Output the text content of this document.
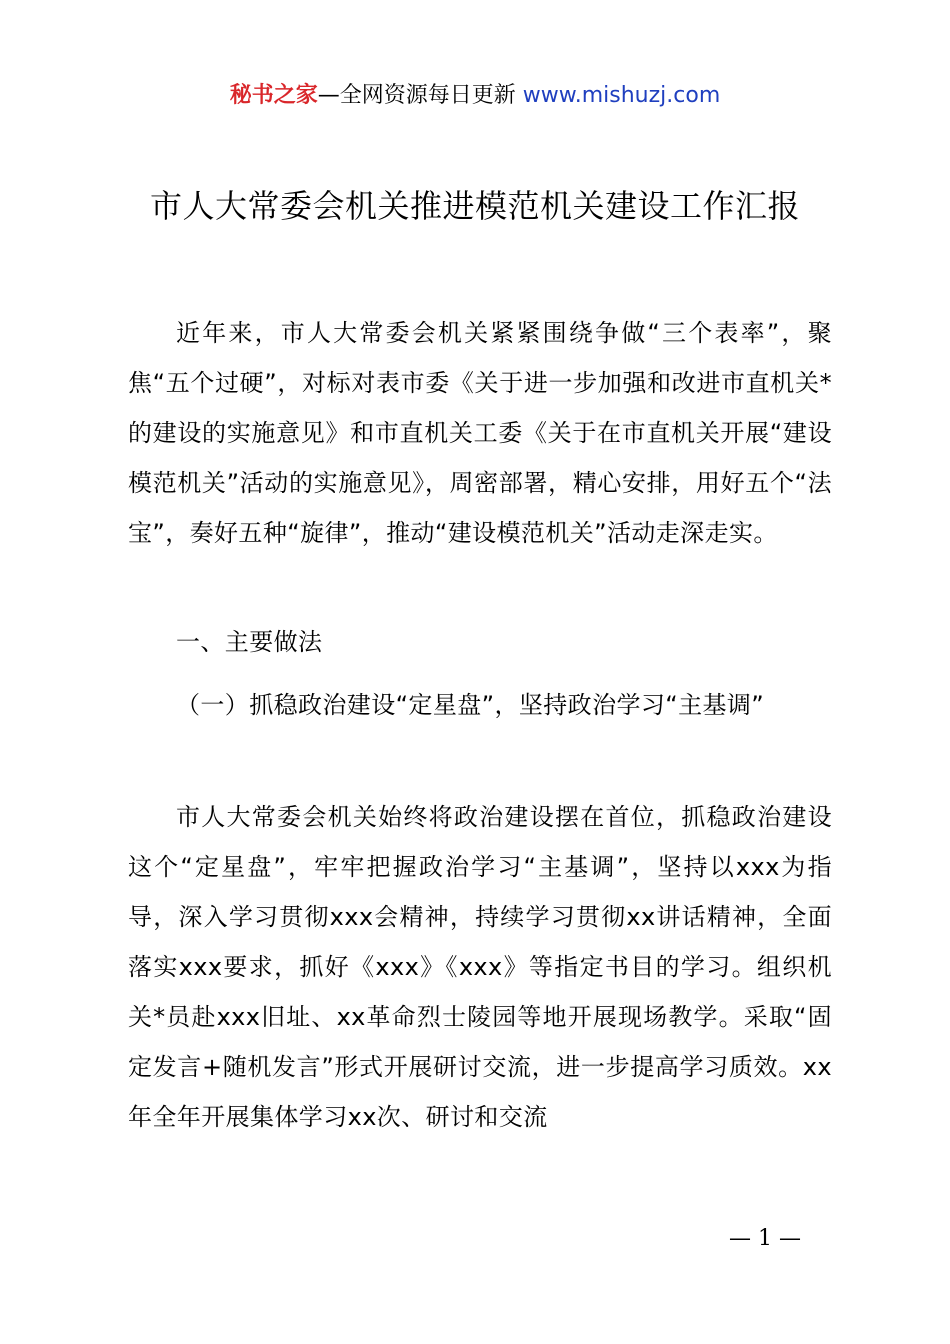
秘书之家—全网资源每日更新 www.mishuzj.com
市人大常委会机关推进模范机关建设工作汇报

近年来，市人大常委会机关紧紧围绕争做“三个表率”，聚焦“五个过硬”，对标对表市委《关于进一步加强和改进市直机关*的建设的实施意见》和市直机关工委《关于在市直机关开展“建设模范机关”活动的实施意见》，周密部署，精心安排，用好五个“法宝”，奏好五种“旋律”，推动“建设模范机关”活动走深走实。

一、主要做法

（一）抓稳政治建设“定星盘”，坚持政治学习“主基调”

市人大常委会机关始终将政治建设摆在首位，抓稳政治建设这个“定星盘”，牢牢把握政治学习“主基调”，坚持以xxx为指导，深入学习贯彻xxx会精神，持续学习贯彻xx讲话精神，全面落实xxx要求，抓好《xxx》《xxx》等指定书目的学习。组织机关*员赴xxx旧址、xx革命烈士陵园等地开展现场教学。采取“固定发言+随机发言”形式开展研讨交流，进一步提高学习质效。xx年全年开展集体学习xx次、研讨和交流

— 1 —
